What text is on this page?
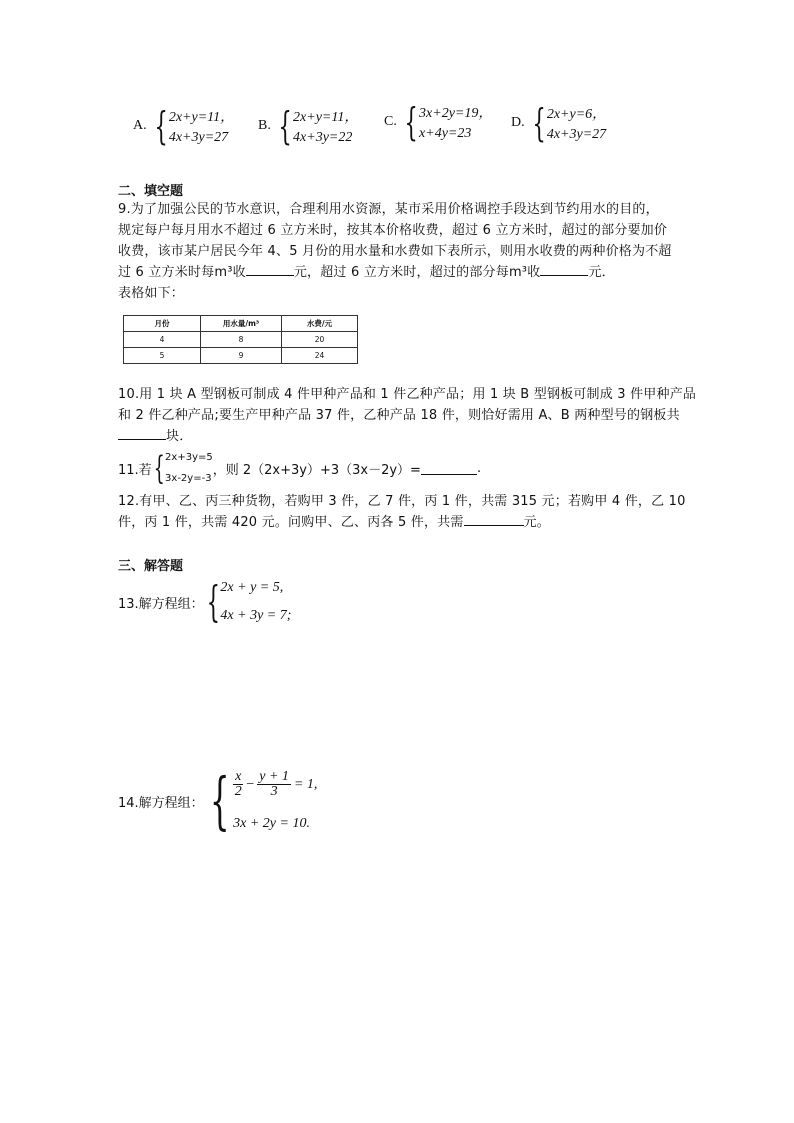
A. { 2x+y=11，
4x+3y=27
B. { 2x+y=11，
4x+3y=22
C. { 3x+2y=19，
x+4y=23
D. { 2x+y=6，
4x+3y=27
二、填空题
9.为了加强公民的节水意识，合理利用水资源，某市采用价格调控手段达到节约用水的目的，
规定每户每月用水不超过 6 立方米时，按其本价格收费，超过 6 立方米时，超过的部分要加价
收费，该市某户居民今年 4、5 月份的用水量和水费如下表所示，则用水收费的两种价格为不超
过 6 立方米时每m³收	元，超过 6 立方米时，超过的部分每m³收	元．
表格如下：
月份	用水量/m³	水费/元
4	8	20
5	9	24
10.用 1 块 A 型钢板可制成 4 件甲种产品和 1 件乙种产品；用 1 块 B 型钢板可制成 3 件甲种产品
和 2 件乙种产品;要生产甲种产品 37 件，乙种产品 18 件，则恰好需用 A、B 两种型号的钢板共
块．
11.若 { 2x+3y=5
3x-2y=-3
，则 2（2x+3y）+3（3x－2y）=	.
12.有甲、乙、丙三种货物，若购甲 3 件，乙 7 件，丙 1 件，共需 315 元；若购甲 4 件，乙 10
件，丙 1 件，共需 420 元。问购甲、乙、丙各 5 件，共需	元。
三、解答题
13.解方程组： { 2x + y = 5,
4x + 3y = 7;
14.解方程组： { $\frac{x}{2} - \frac{y + 1}{3} = 1$,
3x + 2y = 10.
